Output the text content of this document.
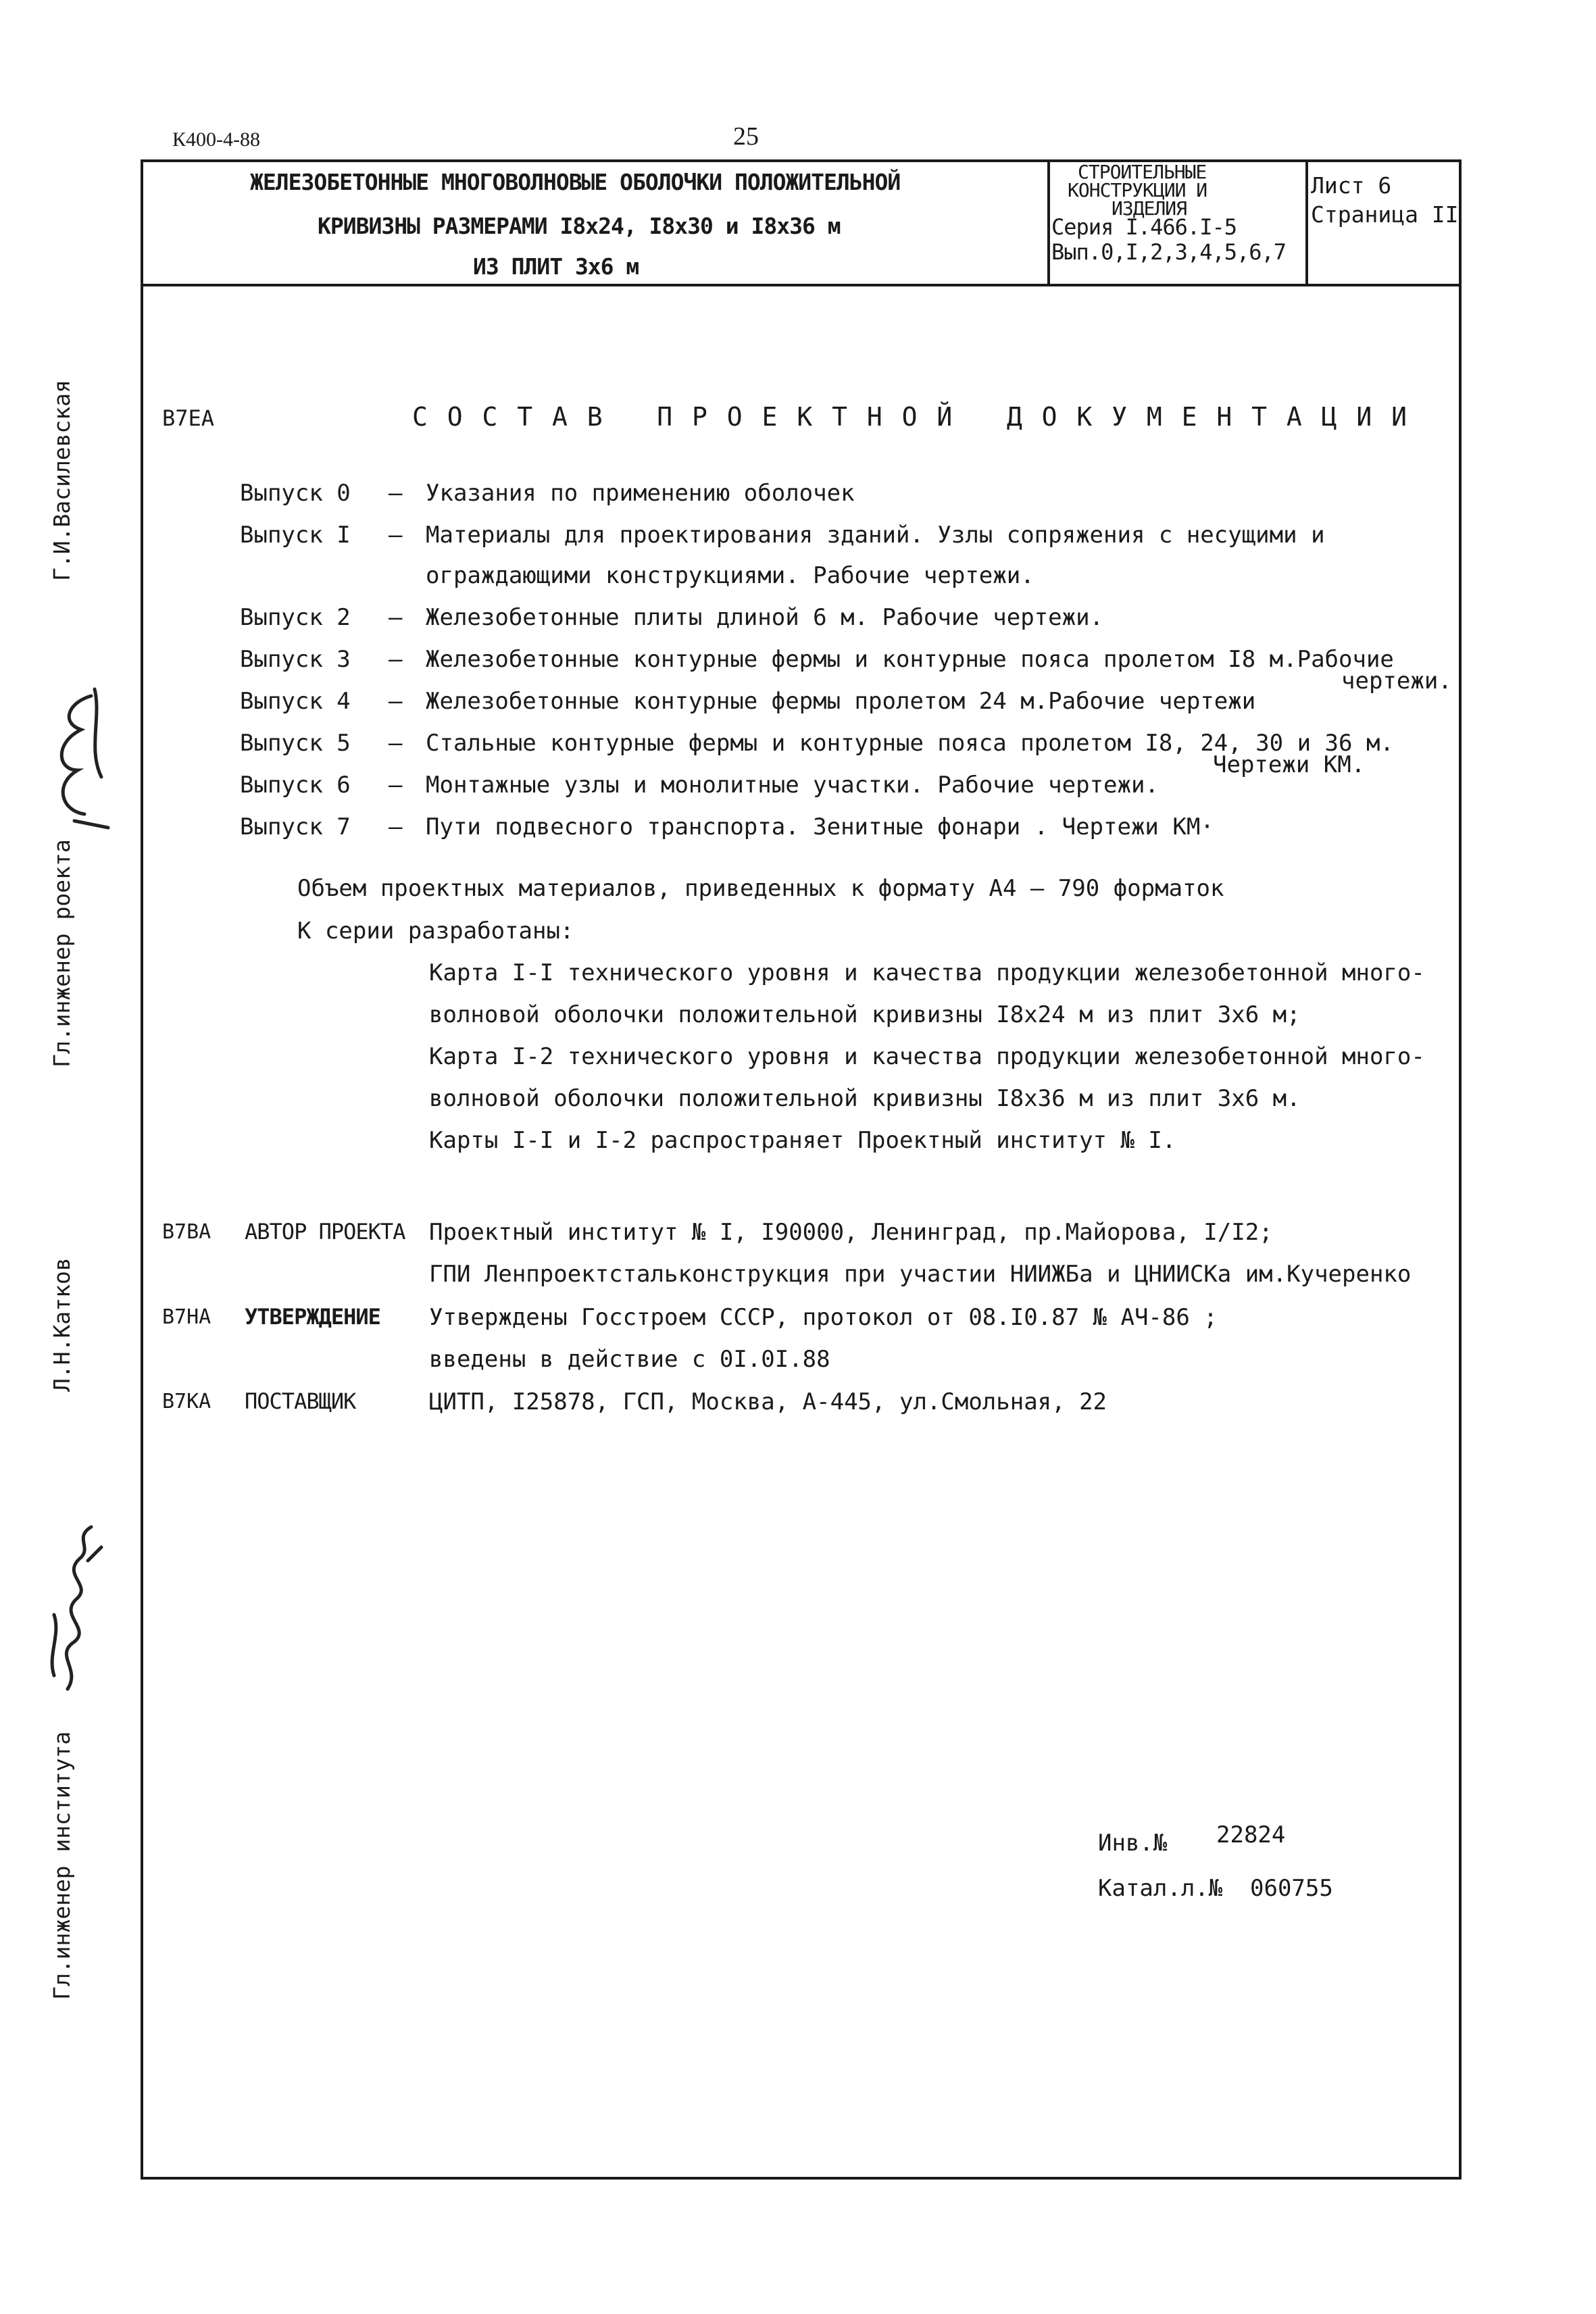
К400-4-88	25
ЖЕЛЕЗОБЕТОННЫЕ МНОГОВОЛНОВЫЕ ОБОЛОЧКИ ПОЛОЖИТЕЛЬНОЙ
КРИВИЗНЫ РАЗМЕРАМИ I8x24, I8x30 и I8x36 м
ИЗ ПЛИТ 3x6 м
СТРОИТЕЛЬНЫЕ
КОНСТРУКЦИИ И
ИЗДЕЛИЯ
Серия I.466.I-5
Вып.0,I,2,3,4,5,6,7
Лист 6
Страница II
Г.И.Василевская
Гл.инженер роекта
Л.Н.Катков
Гл.инженер института
В7ЕА	С О С Т А В   П Р О Е К Т Н О Й   Д О К У М Е Н Т А Ц И И
Выпуск 0 – Указания по применению оболочек
Выпуск I – Материалы для проектирования зданий. Узлы сопряжения с несущими и
ограждающими конструкциями. Рабочие чертежи.
Выпуск 2 – Железобетонные плиты длиной 6 м. Рабочие чертежи.
Выпуск 3 – Железобетонные контурные фермы и контурные пояса пролетом I8 м.Рабочие
чертежи.
Выпуск 4 – Железобетонные контурные фермы пролетом 24 м.Рабочие чертежи
Выпуск 5 – Стальные контурные фермы и контурные пояса пролетом I8, 24, 30 и 36 м.
Чертежи КМ.
Выпуск 6 – Монтажные узлы и монолитные участки. Рабочие чертежи.
Выпуск 7 – Пути подвесного транспорта. Зенитные фонари . Чертежи КМ·
Объем проектных материалов, приведенных к формату А4 – 790 форматок
К серии разработаны:
Карта I-I технического уровня и качества продукции железобетонной много-
волновой оболочки положительной кривизны I8x24 м из плит 3x6 м;
Карта I-2 технического уровня и качества продукции железобетонной много-
волновой оболочки положительной кривизны I8x36 м из плит 3x6 м.
Карты I-I и I-2 распространяет Проектный институт № I.
В7ВА АВТОР ПРОЕКТА Проектный институт № I, I90000, Ленинград, пр.Майорова, I/I2;
ГПИ Ленпроектстальконструкция при участии НИИЖБа и ЦНИИСКа им.Кучеренко
В7НА УТВЕРЖДЕНИЕ Утверждены Госстроем СССР, протокол от 08.I0.87 № АЧ-86 ;
введены в действие с 0I.0I.88
В7КА ПОСТАВЩИК	ЦИТП, I25878, ГСП, Москва, А-445, ул.Смольная, 22
Инв.№ 22824
Катал.л.№ 060755
